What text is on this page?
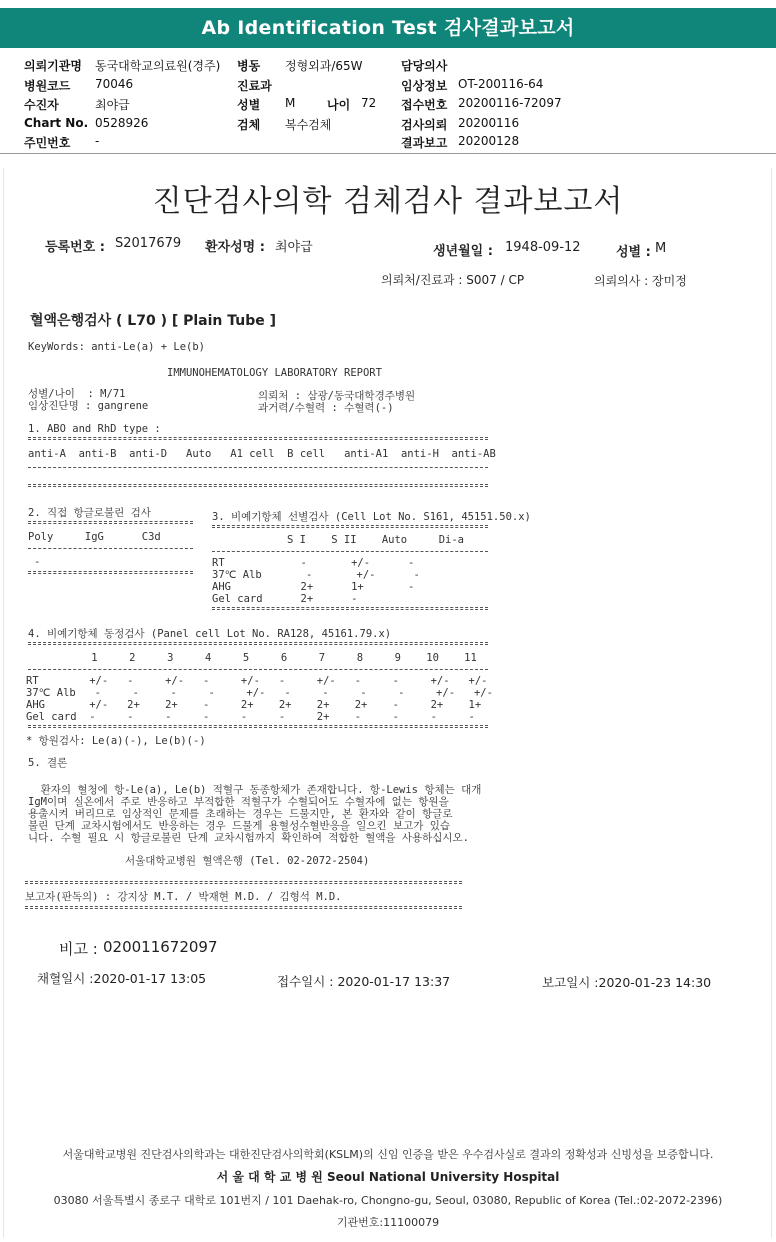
Ab Identification Test 검사결과보고서
의뢰기관명 동국대학교의료원(경주)
병원코드 70046
수진자	최야급
Chart No. 0528926
주민번호 -
병동 정형외과/65W
진료과
성별 M	나이 72
검체 복수검체
담당의사
임상정보 OT-200116-64
접수번호 20200116-72097
검사의뢰 20200116
결과보고 20200128
진단검사의학 검체검사 결과보고서
등록번호 : S2017679 환자성명 : 최야급	생년월일 : 1948-09-12	성별 : M
의뢰처/진료과 : S007 / CP	의뢰의사 : 장미정
혈액은행검사 ( L70 ) [ Plain Tube ]
KeyWords: anti-Le(a) + Le(b)
IMMUNOHEMATOLOGY LABORATORY REPORT
성별/나이  : M/71
임상진단명 : gangrene
의뢰처 : 삼광/동국대학경주병원
과거력/수혈력 : 수혈력(-)
1. ABO and RhD type :
anti-A  anti-B  anti-D   Auto   A1 cell  B cell   anti-A1  anti-H  anti-AB
2. 직접 항글로불린 검사
Poly     IgG      C3d
-
3. 비예기항체 선별검사 (Cell Lot No. S161, 45151.50.x)
S I    S II    Auto     Di-a
RT            -       +/-      -
37℃ Alb       -       +/-      -
AHG           2+      1+       -
Gel card      2+      -
4. 비예기항체 동정검사 (Panel cell Lot No. RA128, 45161.79.x)
1     2     3     4     5     6     7     8     9    10    11
RT        +/-   -     +/-   -     +/-   -     +/-   -     -     +/-   +/-
37℃ Alb   -     -     -     -     +/-   -     -     -     -     +/-   +/-
AHG       +/-   2+    2+    -     2+    2+    2+    2+    -     2+    1+
Gel card  -     -     -     -     -     -     2+    -     -     -     -
* 항원검사: Le(a)(-), Le(b)(-)
5. 결론
환자의 혈청에 항-Le(a), Le(b) 적혈구 동종항체가 존재합니다. 항-Lewis 항체는 대개
IgM이며 실온에서 주로 반응하고 부적합한 적혈구가 수혈되어도 수혈자에 없는 항원을
용출시켜 버리므로 임상적인 문제를 초래하는 경우는 드물지만, 본 환자와 같이 항글로
불린 단계 교차시험에서도 반응하는 경우 드물게 용혈성수혈반응을 일으킨 보고가 있습
니다. 수혈 필요 시 항글로불린 단계 교차시험까지 확인하여 적합한 혈액을 사용하십시오.
서울대학교병원 혈액은행 (Tel. 02-2072-2504)
보고자(판독의) : 강지상 M.T. / 박재현 M.D. / 김형석 M.D.
비고 : 020011672097
채혈일시 :2020-01-17 13:05	접수일시 : 2020-01-17 13:37	보고일시 :2020-01-23 14:30
서울대학교병원 진단검사의학과는 대한진단검사의학회(KSLM)의 신임 인증을 받은 우수검사실로 결과의 정확성과 신빙성을 보증합니다.
서 울 대 학 교 병 원 Seoul National University Hospital
03080 서울특별시 종로구 대학로 101번지 / 101 Daehak-ro, Chongno-gu, Seoul, 03080, Republic of Korea (Tel.:02-2072-2396)
기관번호:11100079
